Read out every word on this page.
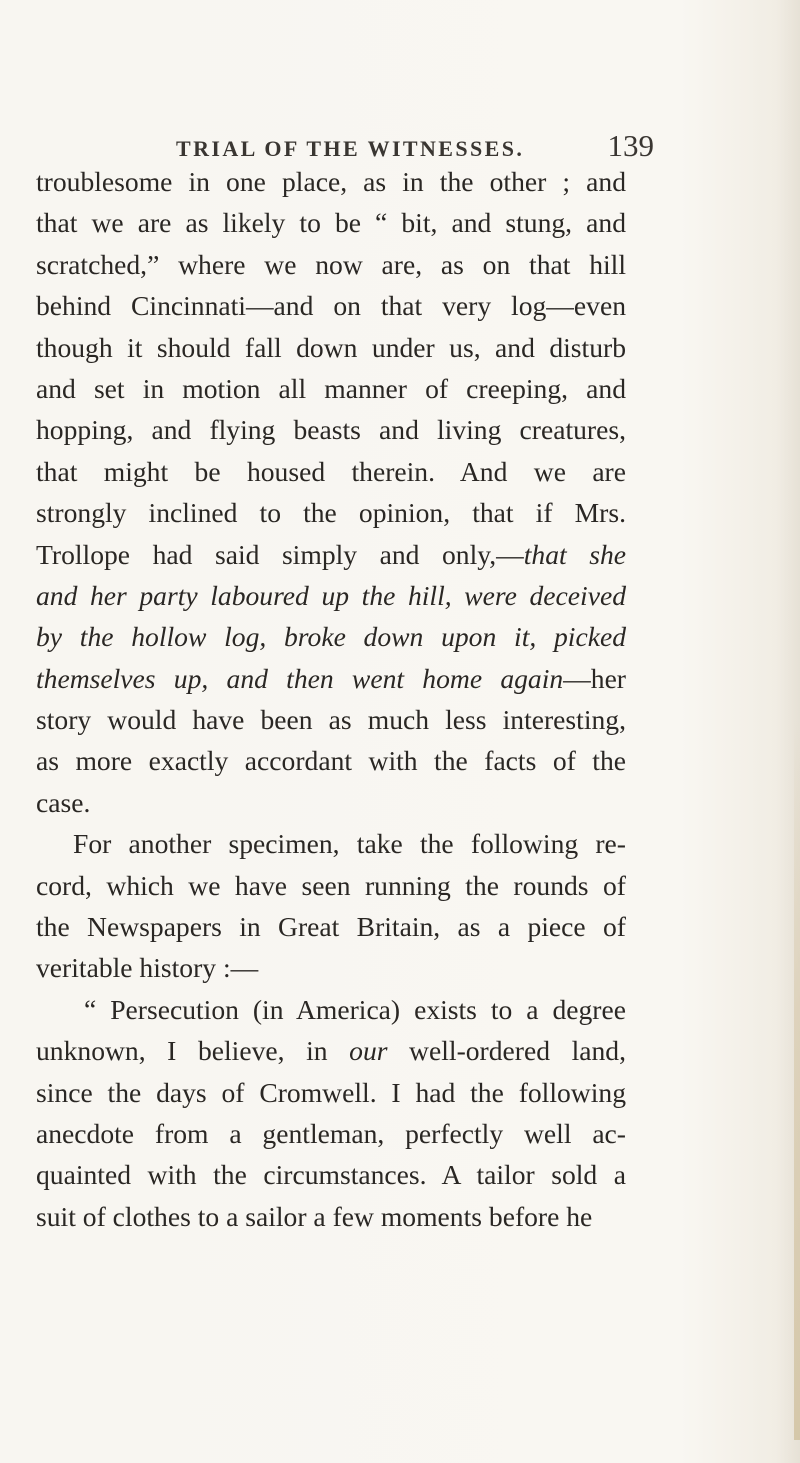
TRIAL OF THE WITNESSES.	139
troublesome in one place, as in the other ; and
that we are as likely to be “ bit, and stung, and
scratched,” where we now are, as on that hill
behind Cincinnati—and on that very log—even
though it should fall down under us, and disturb
and set in motion all manner of creeping, and
hopping, and flying beasts and living creatures,
that might be housed therein. And we are
strongly inclined to the opinion, that if Mrs.
Trollope had said simply and only,—that she
and her party laboured up the hill, were deceived
by the hollow log, broke down upon it, picked
themselves up, and then went home again—her
story would have been as much less interesting,
as more exactly accordant with the facts of the
case.
For another specimen, take the following re-
cord, which we have seen running the rounds of
the Newspapers in Great Britain, as a piece of
veritable history :—
“ Persecution (in America) exists to a degree
unknown, I believe, in our well-ordered land,
since the days of Cromwell. I had the following
anecdote from a gentleman, perfectly well ac-
quainted with the circumstances. A tailor sold a
suit of clothes to a sailor a few moments before he
